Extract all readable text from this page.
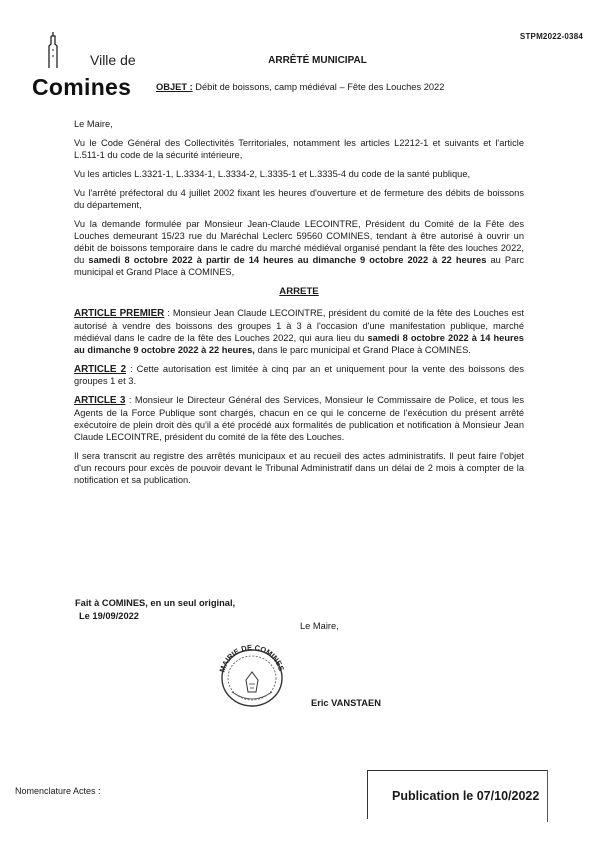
STPM2022-0384
Ville de
Comines
ARRÊTÉ MUNICIPAL
OBJET : Débit de boissons, camp médiéval – Fête des Louches 2022

Le Maire,

Vu le Code Général des Collectivités Territoriales, notamment les articles L2212-1 et suivants et l'article L.511-1 du code de la sécurité intérieure,

Vu les articles L.3321-1, L.3334-1, L.3334-2, L.3335-1 et L.3335-4 du code de la santé publique,

Vu l'arrêté préfectoral du 4 juillet 2002 fixant les heures d'ouverture et de fermeture des débits de boissons du département,

Vu la demande formulée par Monsieur Jean-Claude LECOINTRE, Président du Comité de la Fête des Louches demeurant 15/23 rue du Maréchal Leclerc 59560 COMINES, tendant à être autorisé à ouvrir un débit de boissons temporaire dans le cadre du marché médiéval organisé pendant la fête des louches 2022, du samedi 8 octobre 2022 à partir de 14 heures au dimanche 9 octobre 2022 à 22 heures au Parc municipal et Grand Place à COMINES,

ARRETE

ARTICLE PREMIER : Monsieur Jean Claude LECOINTRE, président du comité de la fête des Louches est autorisé à vendre des boissons des groupes 1 à 3 à l'occasion d'une manifestation publique, marché médiéval dans le cadre de la fête des Louches 2022, qui aura lieu du samedi 8 octobre 2022 à 14 heures au dimanche 9 octobre 2022 à 22 heures, dans le parc municipal et Grand Place à COMINES.

ARTICLE 2 : Cette autorisation est limitée à cinq par an et uniquement pour la vente des boissons des groupes 1 et 3.

ARTICLE 3 : Monsieur le Directeur Général des Services, Monsieur le Commissaire de Police, et tous les Agents de la Force Publique sont chargés, chacun en ce qui le concerne de l'exécution du présent arrêté exécutoire de plein droit dès qu'il a été procédé aux formalités de publication et notification à Monsieur Jean Claude LECOINTRE, président du comité de la fête des Louches.

Il sera transcrit au registre des arrêtés municipaux et au recueil des actes administratifs. Il peut faire l'objet d'un recours pour excès de pouvoir devant le Tribunal Administratif dans un délai de 2 mois à compter de la notification et sa publication.

Fait à COMINES, en un seul original,
Le 19/09/2022
Le Maire,
MAIRIE DE COMINES
Eric VANSTAEN
Nomenclature Actes :	Publication le 07/10/2022
